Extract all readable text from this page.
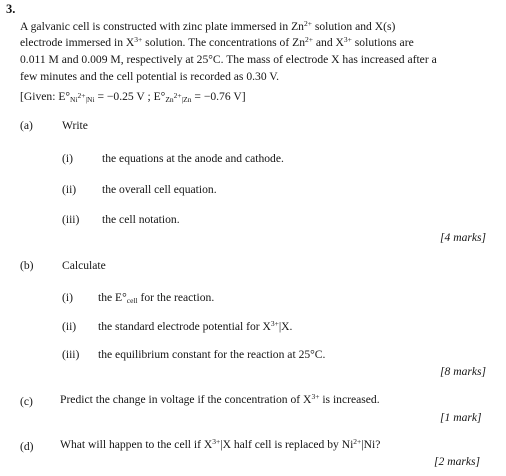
3.
A galvanic cell is constructed with zinc plate immersed in $Zn^{2+}$ solution and X(s)
electrode immersed in $X^{3+}$ solution. The concentrations of $Zn^{2+}$ and $X^{3+}$ solutions are
0.011 M and 0.009 M, respectively at 25°C. The mass of electrode X has increased after a
few minutes and the cell potential is recorded as 0.30 V.
[Given: $E^\circ_{Ni^{2+}|Ni} = -0.25$ V ; $E^\circ_{Zn^{2+}|Zn} = -0.76$ V]
(a)	Write
(i)	the equations at the anode and cathode.
(ii) the overall cell equation.
(iii) the cell notation.
[4 marks]
(b) Calculate
(i) the $E^\circ_{cell}$ for the reaction.
(ii) the standard electrode potential for $X^{3+}|X$.
(iii) the equilibrium constant for the reaction at 25°C.
[8 marks]
(c) Predict the change in voltage if the concentration of $X^{3+}$ is increased.
[1 mark]
(d) What will happen to the cell if $X^{3+}|X$ half cell is replaced by $Ni^{2+}|Ni$?
[2 marks]
